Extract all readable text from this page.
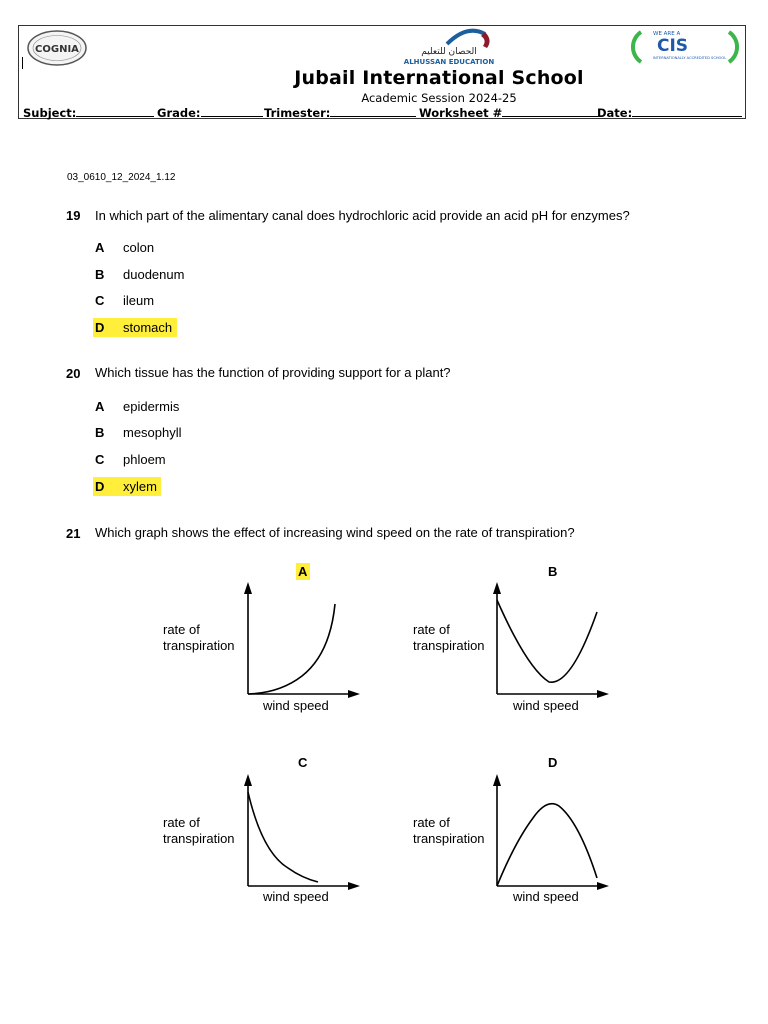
COGNIA	الحصان للتعليم
ALHUSSAN EDUCATION
WE ARE A
CIS
INTERNATIONALLY ACCREDITED SCHOOL
Jubail International School
Academic Session 2024-25
Subject:	Grade:	Trimester:	Worksheet #	Date:
03_0610_12_2024_1.12
19 In which part of the alimentary canal does hydrochloric acid provide an acid pH for enzymes?
A colon
B duodenum
C ileum
D stomach
20 Which tissue has the function of providing support for a plant?
A epidermis
B mesophyll
C phloem
D xylem
21 Which graph shows the effect of increasing wind speed on the rate of transpiration?
A
rate of
transpiration
wind speed
B
rate of
transpiration
wind speed
C
rate of
transpiration
wind speed
D
rate of
transpiration
wind speed
